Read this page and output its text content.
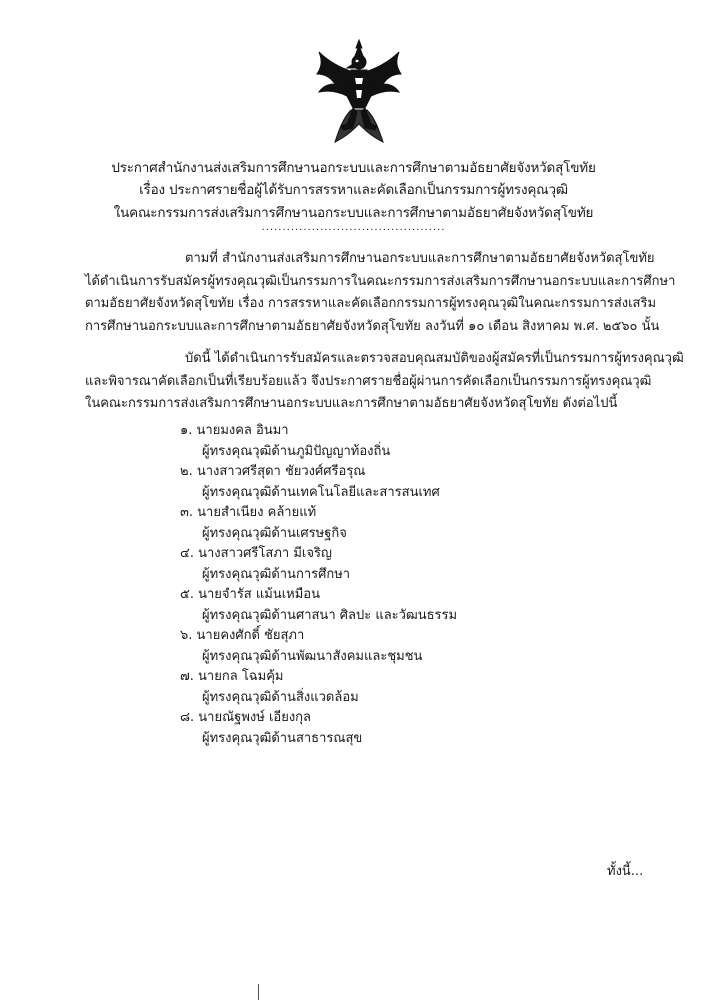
ประกาศสำนักงานส่งเสริมการศึกษานอกระบบและการศึกษาตามอัธยาศัยจังหวัดสุโขทัย
เรื่อง ประกาศรายชื่อผู้ได้รับการสรรหาและคัดเลือกเป็นกรรมการผู้ทรงคุณวุฒิ
ในคณะกรรมการส่งเสริมการศึกษานอกระบบและการศึกษาตามอัธยาศัยจังหวัดสุโขทัย
............................................
ตามที่ สำนักงานส่งเสริมการศึกษานอกระบบและการศึกษาตามอัธยาศัยจังหวัดสุโขทัย
ได้ดำเนินการรับสมัครผู้ทรงคุณวุฒิเป็นกรรมการในคณะกรรมการส่งเสริมการศึกษานอกระบบและการศึกษา
ตามอัธยาศัยจังหวัดสุโขทัย เรื่อง การสรรหาและคัดเลือกกรรมการผู้ทรงคุณวุฒิในคณะกรรมการส่งเสริม
การศึกษานอกระบบและการศึกษาตามอัธยาศัยจังหวัดสุโขทัย ลงวันที่ ๑๐ เดือน สิงหาคม พ.ศ. ๒๕๖๐ นั้น
บัดนี้ ได้ดำเนินการรับสมัครและตรวจสอบคุณสมบัติของผู้สมัครที่เป็นกรรมการผู้ทรงคุณวุฒิ
และพิจารณาคัดเลือกเป็นที่เรียบร้อยแล้ว จึงประกาศรายชื่อผู้ผ่านการคัดเลือกเป็นกรรมการผู้ทรงคุณวุฒิ
ในคณะกรรมการส่งเสริมการศึกษานอกระบบและการศึกษาตามอัธยาศัยจังหวัดสุโขทัย ดังต่อไปนี้
๑. นายมงคล อินมา
ผู้ทรงคุณวุฒิด้านภูมิปัญญาท้องถิ่น
๒. นางสาวศรีสุดา ชัยวงศ์ศรีอรุณ
ผู้ทรงคุณวุฒิด้านเทคโนโลยีและสารสนเทศ
๓. นายสำเนียง คล้ายแท้
ผู้ทรงคุณวุฒิด้านเศรษฐกิจ
๔. นางสาวศรีโสภา มีเจริญ
ผู้ทรงคุณวุฒิด้านการศึกษา
๕. นายจำรัส แม้นเหมือน
ผู้ทรงคุณวุฒิด้านศาสนา ศิลปะ และวัฒนธรรม
๖. นายคงศักดิ์ ชัยสุภา
ผู้ทรงคุณวุฒิด้านพัฒนาสังคมและชุมชน
๗. นายกล โฉมคุ้ม
ผู้ทรงคุณวุฒิด้านสิ่งแวดล้อม
๘. นายณัฐพงษ์ เอียงกุล
ผู้ทรงคุณวุฒิด้านสาธารณสุข
ทั้งนี้...
